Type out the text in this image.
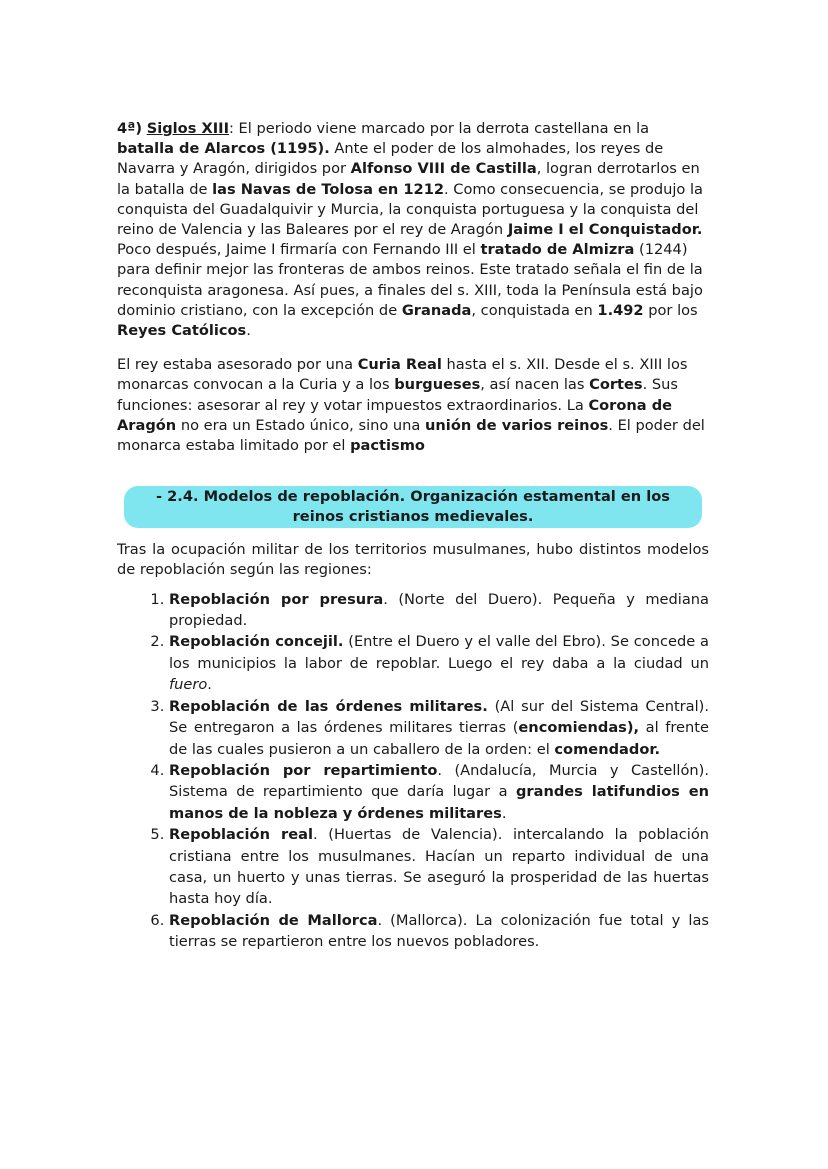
4ª) Siglos XIII: El periodo viene marcado por la derrota castellana en la batalla de Alarcos (1195). Ante el poder de los almohades, los reyes de Navarra y Aragón, dirigidos por Alfonso VIII de Castilla, logran derrotarlos en la batalla de las Navas de Tolosa en 1212. Como consecuencia, se produjo la conquista del Guadalquivir y Murcia, la conquista portuguesa y la conquista del reino de Valencia y las Baleares por el rey de Aragón Jaime I el Conquistador. Poco después, Jaime I firmaría con Fernando III el tratado de Almizra (1244) para definir mejor las fronteras de ambos reinos. Este tratado señala el fin de la reconquista aragonesa. Así pues, a finales del s. XIII, toda la Península está bajo dominio cristiano, con la excepción de Granada, conquistada en 1.492 por los Reyes Católicos.

El rey estaba asesorado por una Curia Real hasta el s. XII. Desde el s. XIII los monarcas convocan a la Curia y a los burgueses, así nacen las Cortes. Sus funciones: asesorar al rey y votar impuestos extraordinarios. La Corona de Aragón no era un Estado único, sino una unión de varios reinos. El poder del monarca estaba limitado por el pactismo

- 2.4. Modelos de repoblación. Organización estamental en los
reinos cristianos medievales.

Tras la ocupación militar de los territorios musulmanes, hubo distintos modelos de repoblación según las regiones:

1. Repoblación por presura. (Norte del Duero). Pequeña y mediana propiedad.
2. Repoblación concejil. (Entre el Duero y el valle del Ebro). Se concede a los municipios la labor de repoblar. Luego el rey daba a la ciudad un fuero.
3. Repoblación de las órdenes militares. (Al sur del Sistema Central). Se entregaron a las órdenes militares tierras (encomiendas), al frente de las cuales pusieron a un caballero de la orden: el comendador.
4. Repoblación por repartimiento. (Andalucía, Murcia y Castellón). Sistema de repartimiento que daría lugar a grandes latifundios en manos de la nobleza y órdenes militares.
5. Repoblación real. (Huertas de Valencia). intercalando la población cristiana entre los musulmanes. Hacían un reparto individual de una casa, un huerto y unas tierras. Se aseguró la prosperidad de las huertas hasta hoy día.
6. Repoblación de Mallorca. (Mallorca). La colonización fue total y las tierras se repartieron entre los nuevos pobladores.
